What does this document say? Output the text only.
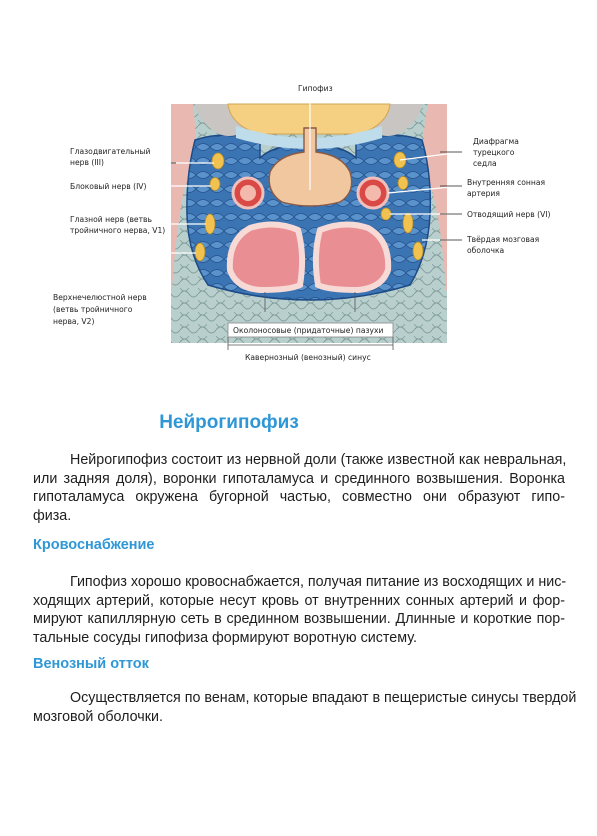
Гипофиз
Глазодвигательный
нерв (III)
Блоковый нерв (IV)
Глазной нерв (ветвь
тройничного нерва, V1)
Верхнечелюстной нерв
(ветвь тройничного
нерва, V2)
Диафрагма
турецкого
седла
Внутренняя сонная
артерия
Отводящий нерв (VI)
Твёрдая мозговая
оболочка
Околоносовые (придаточные) пазухи
Кавернозный (венозный) синус
Нейрогипофиз

Нейрогипофиз состоит из нервной доли (также известной как невральная,
или задняя доля), воронки гипоталамуса и срединного возвышения. Воронка
гипоталамуса окружена бугорной частью, совместно они образуют гипо-
физа.

Кровоснабжение

Гипофиз хорошо кровоснабжается, получая питание из восходящих и нис-
ходящих артерий, которые несут кровь от внутренних сонных артерий и фор-
мируют капиллярную сеть в срединном возвышении. Длинные и короткие пор-
тальные сосуды гипофиза формируют воротную систему.

Венозный отток

Осуществляется по венам, которые впадают в пещеристые синусы твердой
мозговой оболочки.
